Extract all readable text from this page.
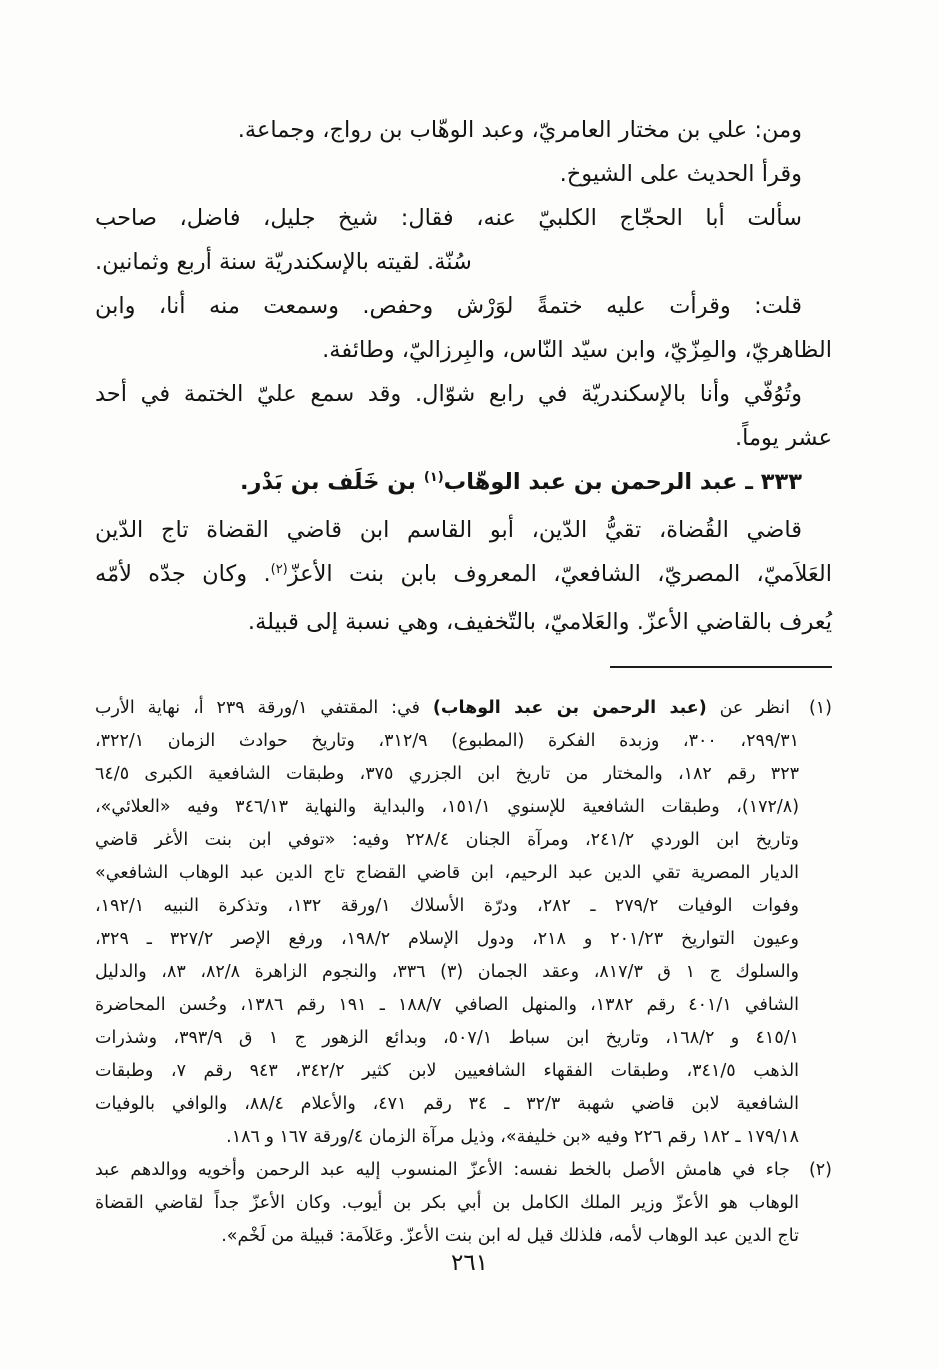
ومن: علي بن مختار العامريّ، وعبد الوهّاب بن رواج، وجماعة.
وقرأ الحديث على الشيوخ.
سألت أبا الحجّاج الكلبيّ عنه، فقال: شيخ جليل، فاضل، صاحب
سُنّة. لقيته بالإسكندريّة سنة أربع وثمانين.
قلت: وقرأت عليه ختمةً لوَرْش وحفص. وسمعت منه أنا، وابن
الظاهريّ، والمِزّيّ، وابن سيّد النّاس، والبِرزاليّ، وطائفة.
وتُوُفّي وأنا بالإسكندريّة في رابع شوّال. وقد سمع عليّ الختمة في أحد
عشر يوماً.
٣٣٣ ـ عبد الرحمن بن عبد الوهّاب$^{(١)}$ بن خَلَف بن بَدْر.
قاضي القُضاة، تقيُّ الدّين، أبو القاسم ابن قاضي القضاة تاج الدّين
العَلاَميّ، المصريّ، الشافعيّ، المعروف بابن بنت الأعزّ$^{(٢)}$. وكان جدّه لأمّه
يُعرف بالقاضي الأعزّ. والعَلاميّ، بالتّخفيف، وهي نسبة إلى قبيلة.
(١)
انظر عن (عبد الرحمن بن عبد الوهاب) في: المقتفي ١/ورقة ٢٣٩ أ، نهاية الأرب
٢٩٩/٣١، ٣٠٠، وزبدة الفكرة (المطبوع) ٣١٢/٩، وتاريخ حوادث الزمان ٣٢٢/١،
٣٢٣ رقم ١٨٢، والمختار من تاريخ ابن الجزري ٣٧٥، وطبقات الشافعية الكبرى ٦٤/٥
(١٧٢/٨)، وطبقات الشافعية للإسنوي ١٥١/١، والبداية والنهاية ٣٤٦/١٣ وفيه «العلائي»،
وتاريخ ابن الوردي ٢٤١/٢، ومرآة الجنان ٢٢٨/٤ وفيه: «توفي ابن بنت الأغر قاضي
الديار المصرية تقي الدين عبد الرحيم، ابن قاضي القضاج تاج الدين عبد الوهاب الشافعي»
وفوات الوفيات ٢٧٩/٢ ـ ٢٨٢، ودرّة الأسلاك ١/ورقة ١٣٢، وتذكرة النبيه ١٩٢/١،
وعيون التواريخ ٢٠١/٢٣ و ٢١٨، ودول الإسلام ١٩٨/٢، ورفع الإصر ٣٢٧/٢ ـ ٣٢٩،
والسلوك ج ١ ق ٨١٧/٣، وعقد الجمان (٣) ٣٣٦، والنجوم الزاهرة ٨٢/٨، ٨٣، والدليل
الشافي ٤٠١/١ رقم ١٣٨٢، والمنهل الصافي ١٨٨/٧ ـ ١٩١ رقم ١٣٨٦، وحُسن المحاضرة
٤١٥/١ و ١٦٨/٢، وتاريخ ابن سباط ٥٠٧/١، وبدائع الزهور ج ١ ق ٣٩٣/٩، وشذرات
الذهب ٣٤١/٥، وطبقات الفقهاء الشافعيين لابن كثير ٣٤٢/٢، ٩٤٣ رقم ٧، وطبقات
الشافعية لابن قاضي شهبة ٣٢/٣ ـ ٣٤ رقم ٤٧١، والأعلام ٨٨/٤، والوافي بالوفيات
١٧٩/١٨ ـ ١٨٢ رقم ٢٢٦ وفيه «بن خليفة»، وذيل مرآة الزمان ٤/ورقة ١٦٧ و ١٨٦.
(٢)
جاء في هامش الأصل بالخط نفسه: الأعزّ المنسوب إليه عبد الرحمن وأخويه ووالدهم عبد
الوهاب هو الأعزّ وزير الملك الكامل بن أبي بكر بن أيوب. وكان الأعزّ جداً لقاضي القضاة
تاج الدين عبد الوهاب لأمه، فلذلك قيل له ابن بنت الأعزّ. وعَلاَمة: قبيلة من لَخْم».
٢٦١
